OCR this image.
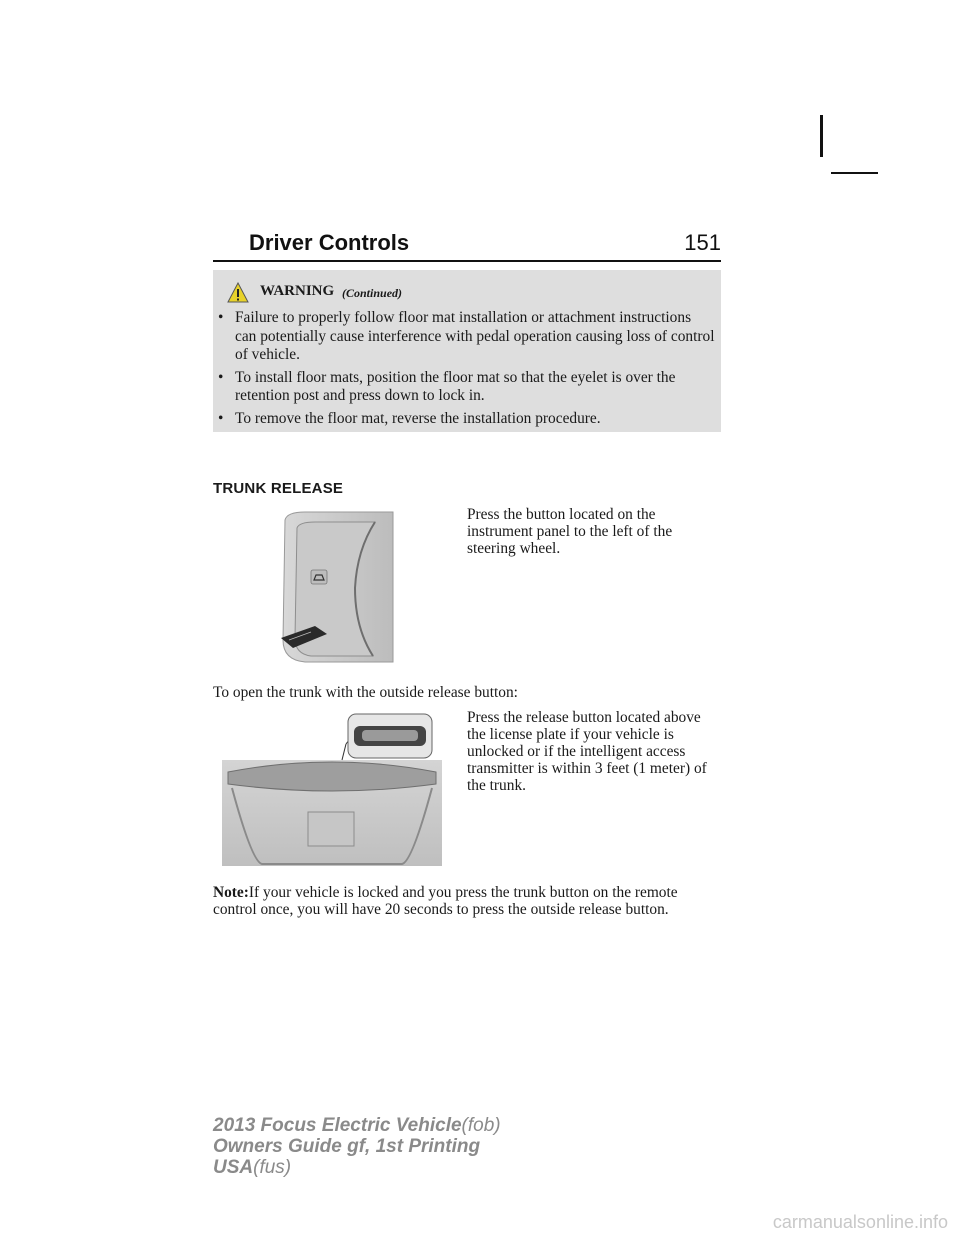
Driver Controls	151
WARNING (Continued)
• Failure to properly follow floor mat installation or attachment instructions can potentially cause interference with pedal operation causing loss of control of vehicle.
• To install floor mats, position the floor mat so that the eyelet is over the retention post and press down to lock in.
• To remove the floor mat, reverse the installation procedure.
TRUNK RELEASE
Press the button located on the instrument panel to the left of the steering wheel.
To open the trunk with the outside release button:
Press the release button located above the license plate if your vehicle is unlocked or if the intelligent access transmitter is within 3 feet (1 meter) of the trunk.
Note:If your vehicle is locked and you press the trunk button on the remote control once, you will have 20 seconds to press the outside release button.
2013 Focus Electric Vehicle(fob)
Owners Guide gf, 1st Printing
USA(fus)
carmanualsonline.info
